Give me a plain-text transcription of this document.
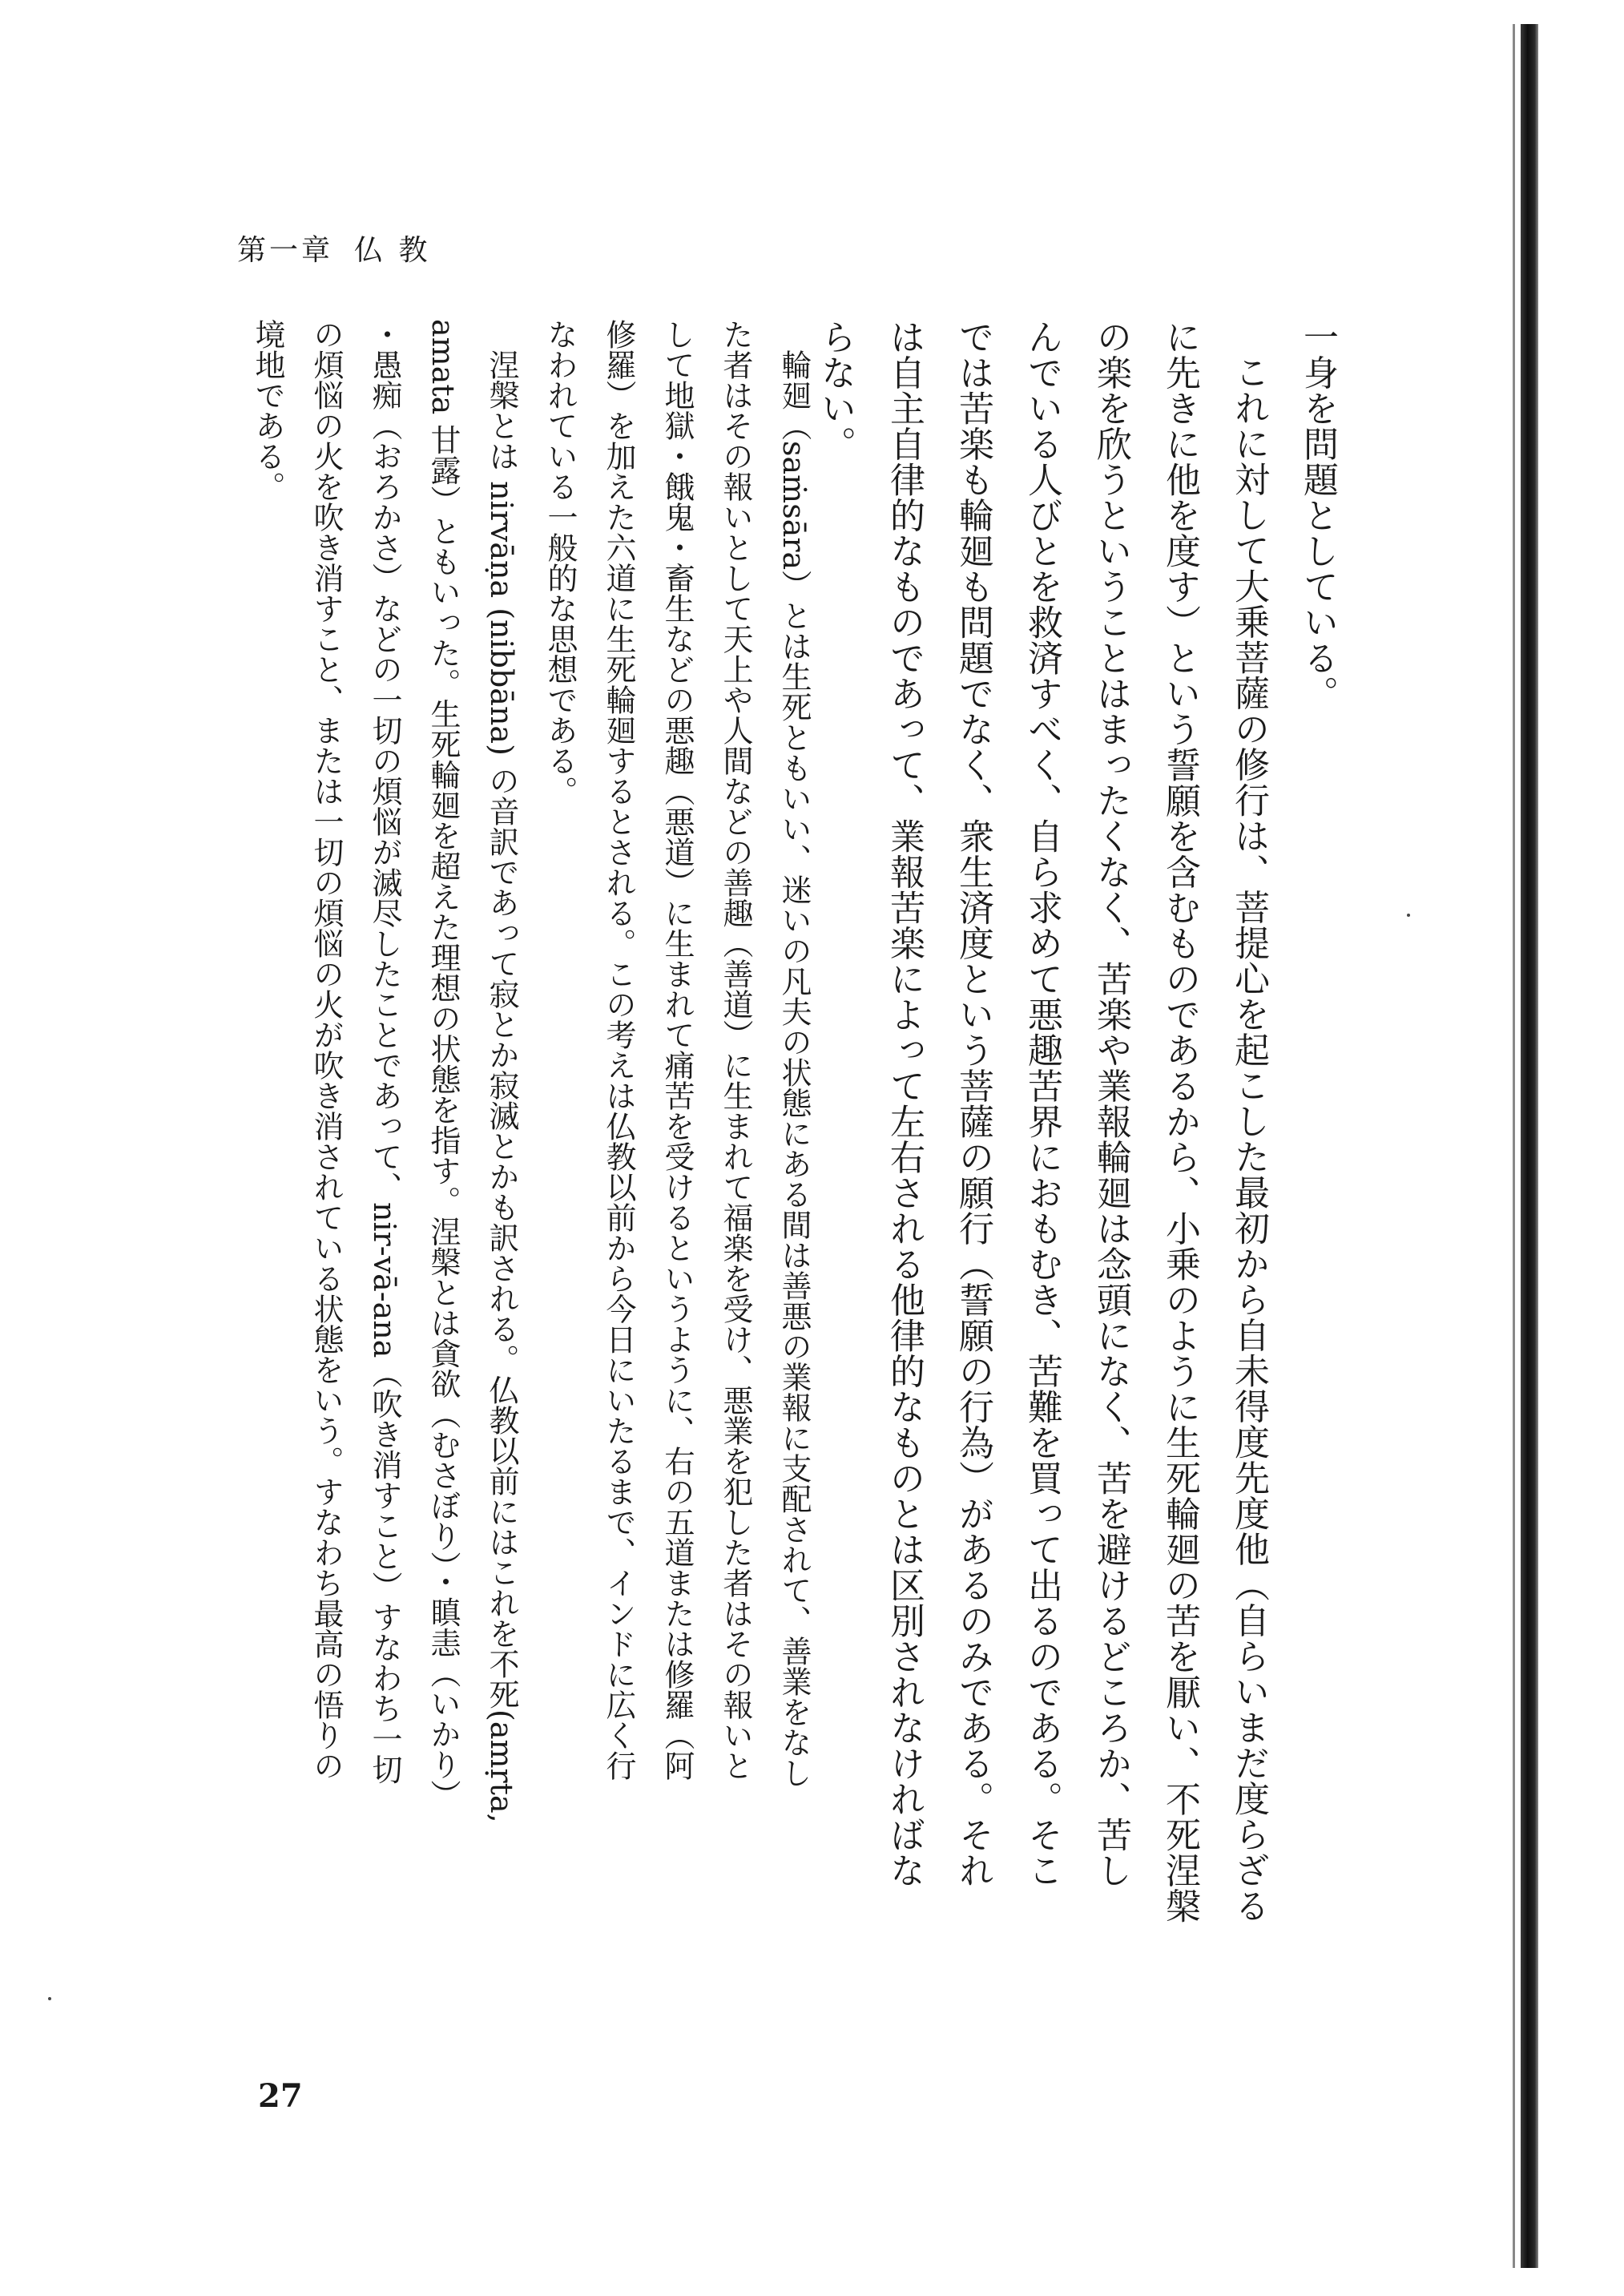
第一章 仏 教
一身を問題としている。
これに対して大乗菩薩の修行は、菩提心を起こした最初から自未得度先度他（自らいまだ度らざる
に先きに他を度す）という誓願を含むものであるから、小乗のように生死輪廻の苦を厭い、不死涅槃
の楽を欣うということはまったくなく、苦楽や業報輪廻は念頭になく、苦を避けるどころか、苦し
んでいる人びとを救済すべく、自ら求めて悪趣苦界におもむき、苦難を買って出るのである。そこ
では苦楽も輪廻も問題でなく、衆生済度という菩薩の願行（誓願の行為）があるのみである。それ
は自主自律的なものであって、業報苦楽によって左右される他律的なものとは区別されなければな
らない。
輪廻（saṁsāra）とは生死ともいい、迷いの凡夫の状態にある間は善悪の業報に支配されて、善業をなし
た者はその報いとして天上や人間などの善趣（善道）に生まれて福楽を受け、悪業を犯した者はその報いと
して地獄・餓鬼・畜生などの悪趣（悪道）に生まれて痛苦を受けるというように、右の五道または修羅（阿
修羅）を加えた六道に生死輪廻するとされる。この考えは仏教以前から今日にいたるまで、インドに広く行
なわれている一般的な思想である。
涅槃とは nirvāṇa (nibbāna) の音訳であって寂とか寂滅とかも訳される。仏教以前にはこれを不死(amṛta,
amata 甘露）ともいった。生死輪廻を超えた理想の状態を指す。涅槃とは貪欲（むさぼり）・瞋恚（いかり）
・愚痴（おろかさ）などの一切の煩悩が滅尽したことであって、nir-vā-ana（吹き消すこと）すなわち一切
の煩悩の火を吹き消すこと、または一切の煩悩の火が吹き消されている状態をいう。すなわち最高の悟りの
境地である。
27
